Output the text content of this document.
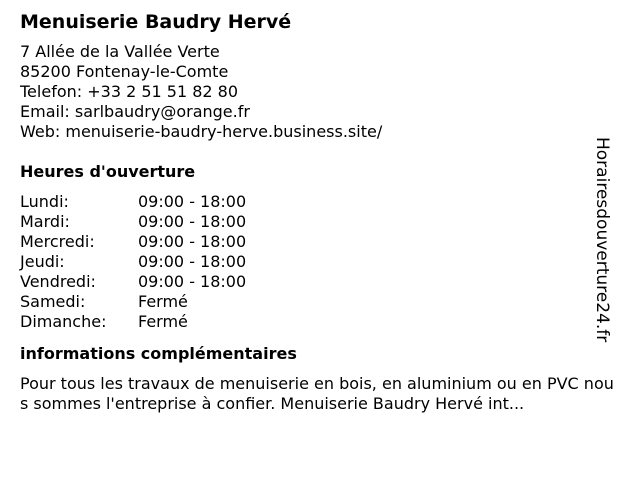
Menuiserie Baudry Hervé
7 Allée de la Vallée Verte
85200 Fontenay-le-Comte
Telefon: +33 2 51 51 82 80
Email: sarlbaudry@orange.fr
Web: menuiserie-baudry-herve.business.site/
Heures d'ouverture
Lundi:	09:00 - 18:00
Mardi:	09:00 - 18:00
Mercredi:	09:00 - 18:00
Jeudi:	09:00 - 18:00
Vendredi:	09:00 - 18:00
Samedi:	Fermé
Dimanche:	Fermé
informations complémentaires
Pour tous les travaux de menuiserie en bois, en aluminium ou en PVC nous sommes l'entreprise à confier. Menuiserie Baudry Hervé int...
Horairesdouverture24.fr
